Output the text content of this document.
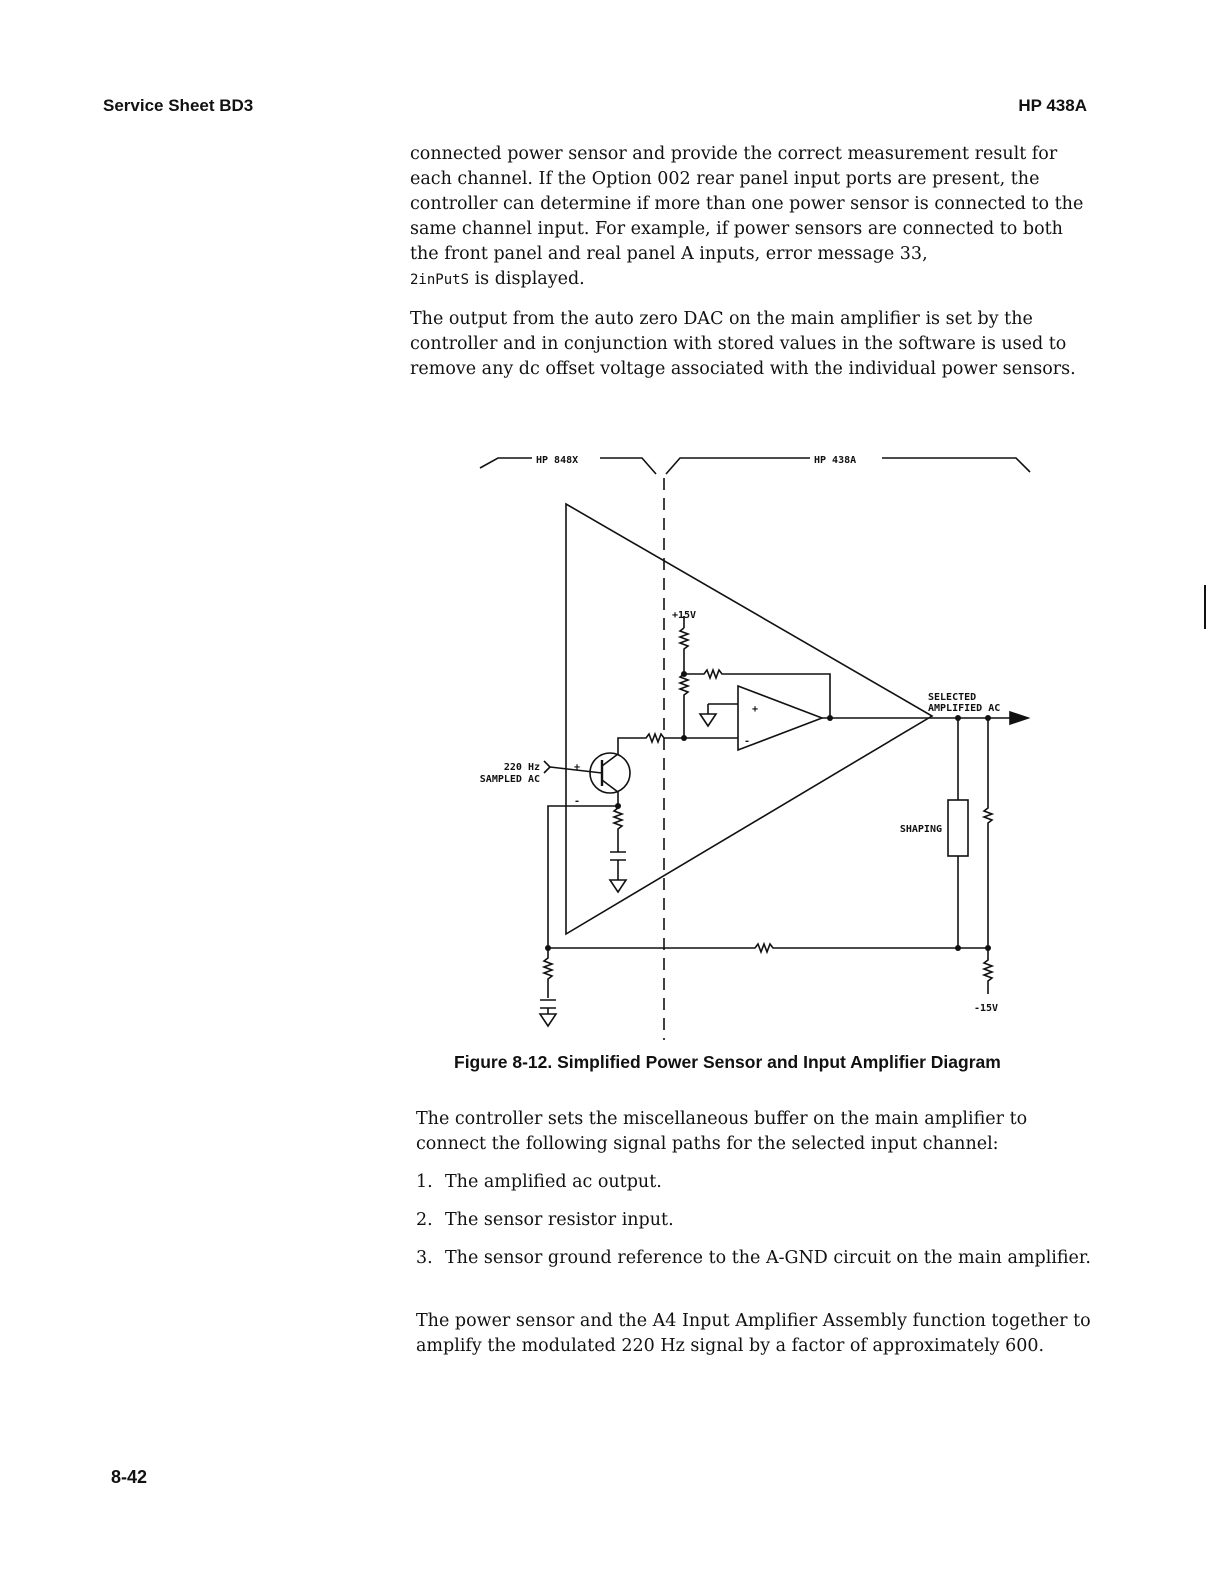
Service Sheet BD3	HP 438A

connected power sensor and provide the correct measurement result for each channel. If the Option 002 rear panel input ports are present, the controller can determine if more than one power sensor is connected to the same channel input. For example, if power sensors are connected to both the front panel and real panel A inputs, error message 33,
2inPutS is displayed.

The output from the auto zero DAC on the main amplifier is set by the controller and in conjunction with stored values in the software is used to remove any dc offset voltage associated with the individual power sensors.

HP 848X	HP 438A
+15V
+
-
+
-
220 Hz
SAMPLED AC
SELECTED
AMPLIFIED AC
SHAPING
-15V
Figure 8-12. Simplified Power Sensor and Input Amplifier Diagram

The controller sets the miscellaneous buffer on the main amplifier to connect the following signal paths for the selected input channel:

1. The amplified ac output.
2. The sensor resistor input.
3. The sensor ground reference to the A-GND circuit on the main amplifier.

The power sensor and the A4 Input Amplifier Assembly function together to amplify the modulated 220 Hz signal by a factor of approximately 600.

8-42
